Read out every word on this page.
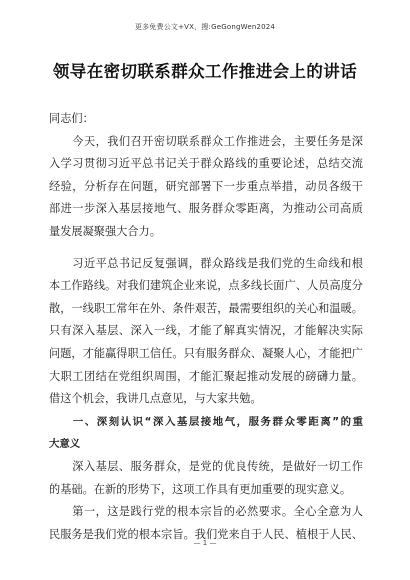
更多免费公文+VX，搜:GeGongWen2024
领导在密切联系群众工作推进会上的讲话
同志们：
　　今天，我们召开密切联系群众工作推进会，主要任务是深
入学习贯彻习近平总书记关于群众路线的重要论述，总结交流
经验，分析存在问题，研究部署下一步重点举措，动员各级干
部进一步深入基层接地气、服务群众零距离，为推动公司高质
量发展凝聚强大合力。
　　习近平总书记反复强调，群众路线是我们党的生命线和根
本工作路线。对我们建筑企业来说，点多线长面广、人员高度分
散，一线职工常年在外、条件艰苦，最需要组织的关心和温暖。
只有深入基层、深入一线，才能了解真实情况，才能解决实际
问题，才能赢得职工信任。只有服务群众、凝聚人心，才能把广
大职工团结在党组织周围，才能汇聚起推动发展的磅礴力量。
借这个机会，我讲几点意见，与大家共勉。
　　一、深刻认识“深入基层接地气，服务群众零距离”的重
大意义
　　深入基层、服务群众，是党的优良传统，是做好一切工作
的基础。在新的形势下，这项工作具有更加重要的现实意义。
　　第一，这是践行党的根本宗旨的必然要求。全心全意为人
民服务是我们党的根本宗旨。我们党来自于人民、植根于人民、
— 1 —
